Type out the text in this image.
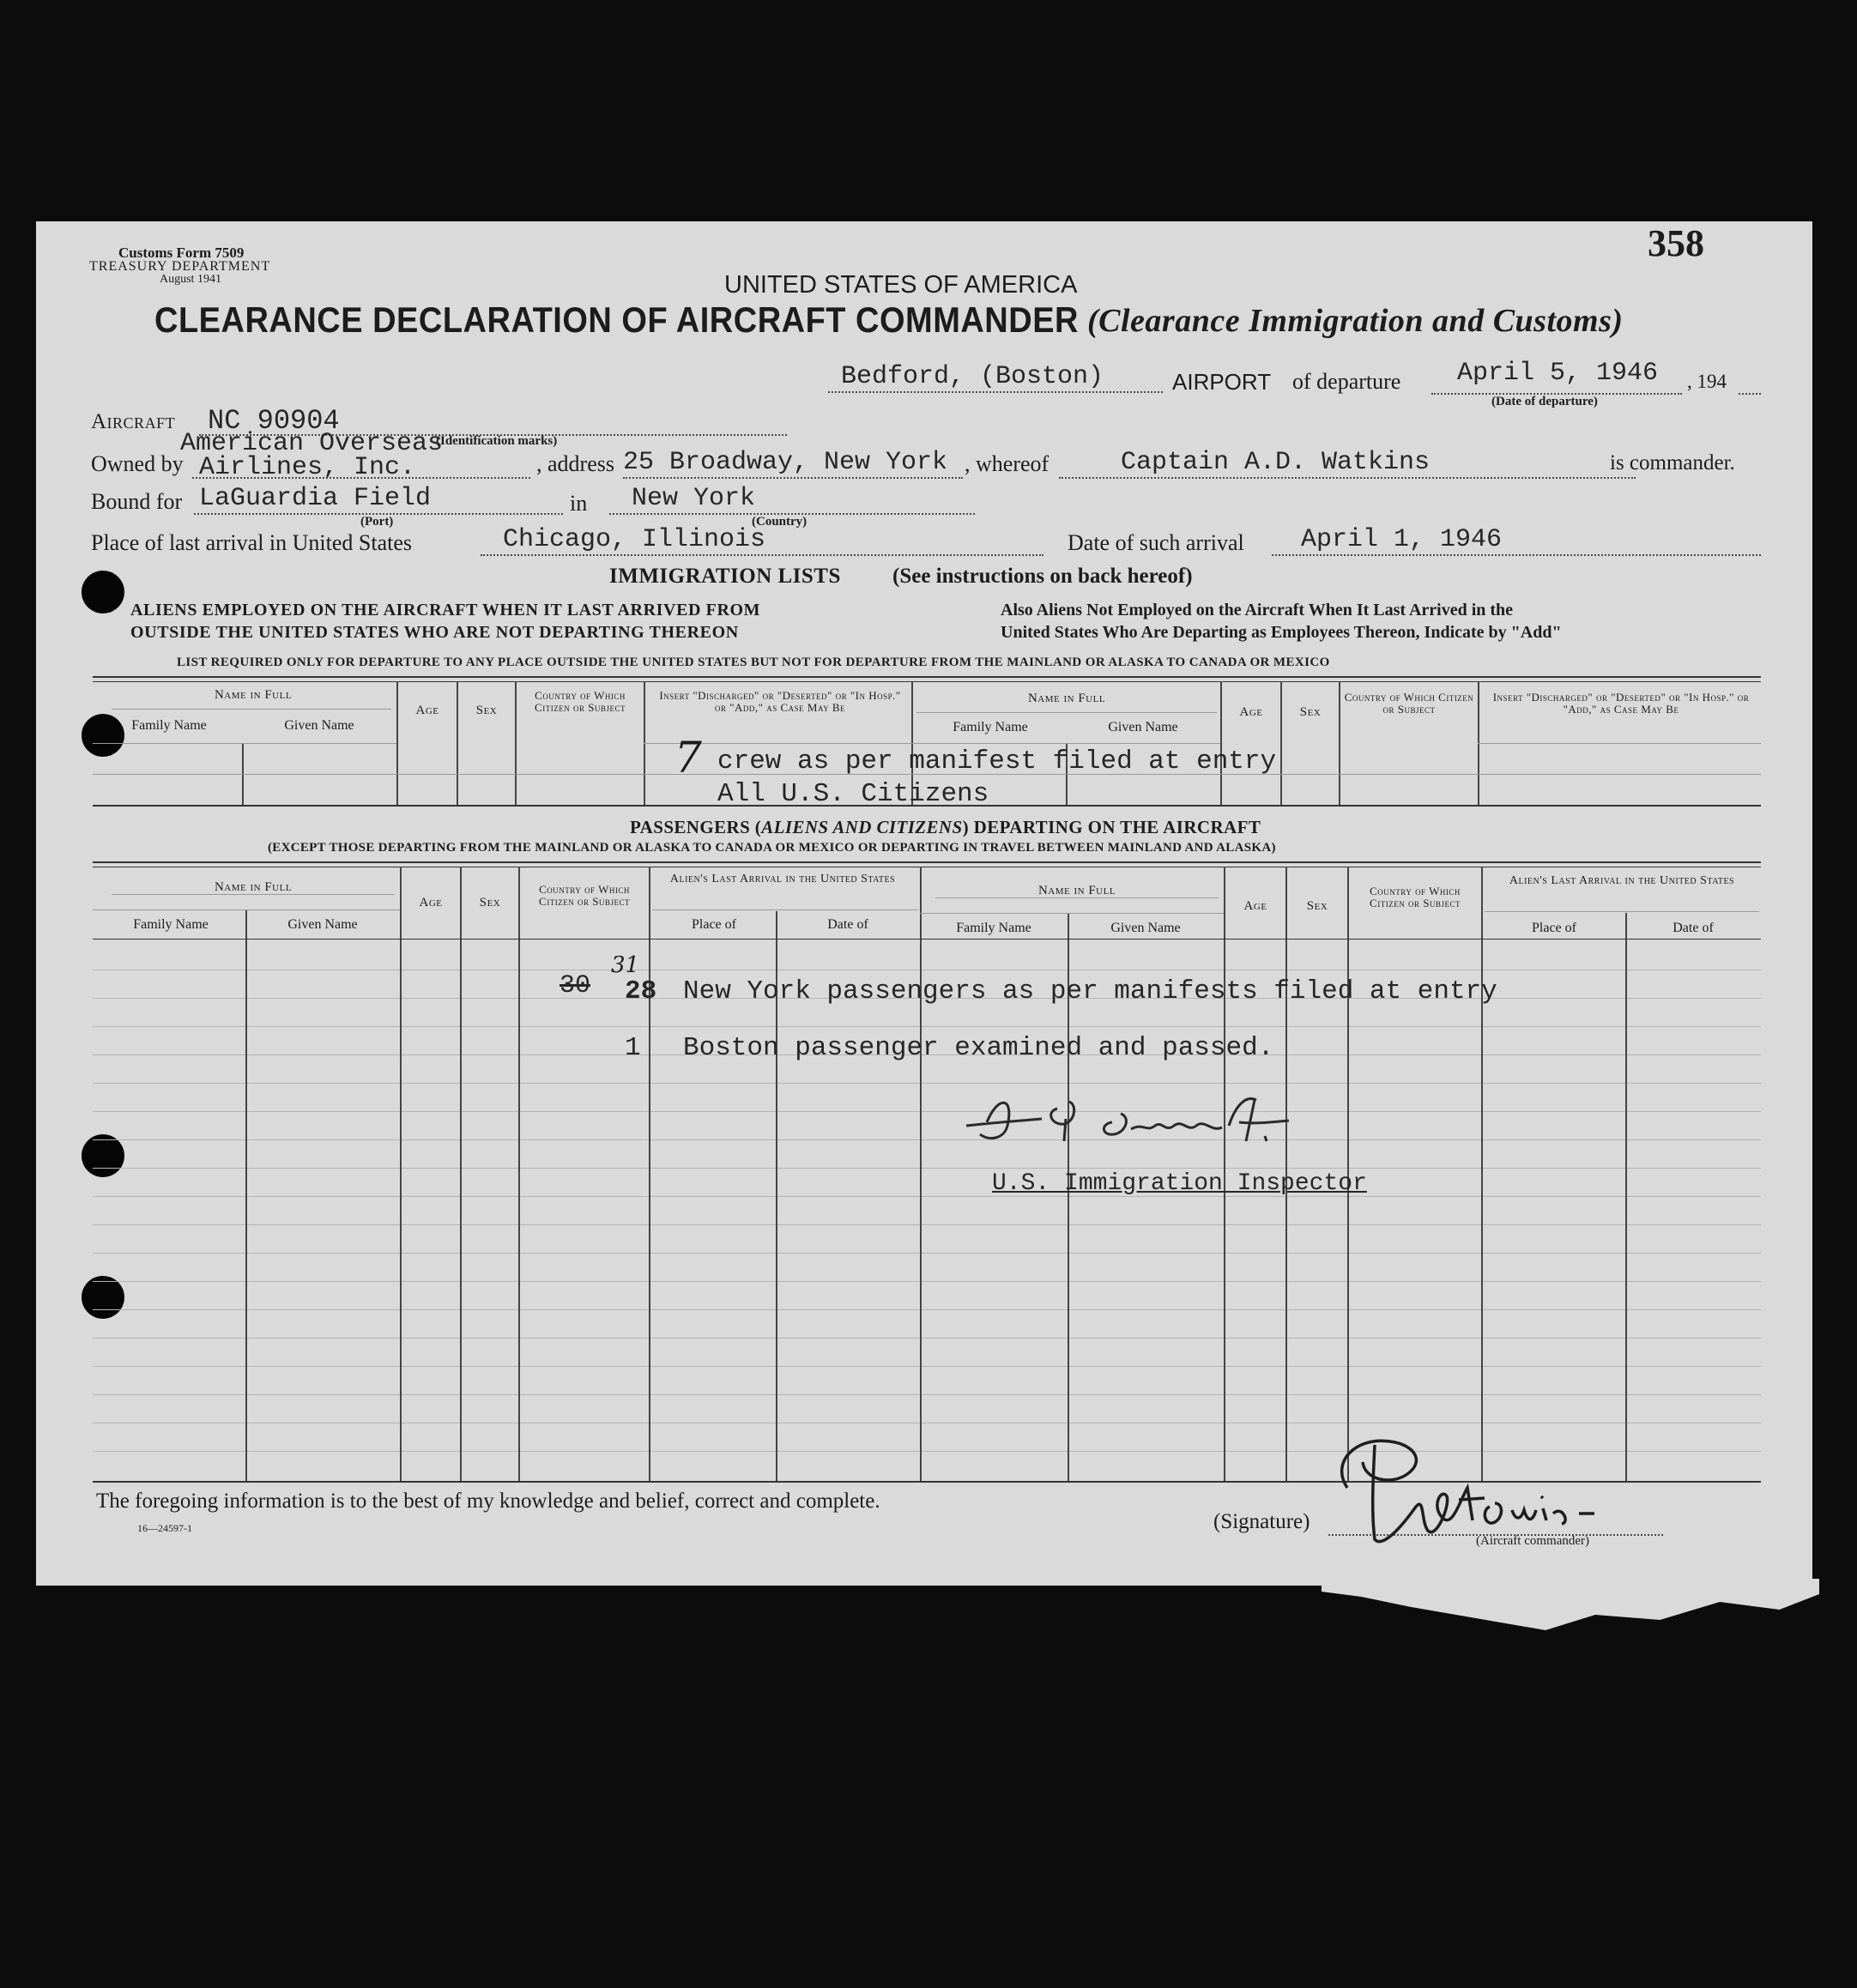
358
Customs Form 7509
TREASURY DEPARTMENT
August 1941	UNITED STATES OF AMERICA
CLEARANCE DECLARATION OF AIRCRAFT COMMANDER (Clearance Immigration and Customs)
Bedford, (Boston)	AIRPORT of departure April 5, 1946 , 194
(Date of departure)
Aircraft NC 90904
(Identification marks)
American Overseas
Owned by Airlines, Inc.	, address 25 Broadway, New York , whereof	Captain A.D. Watkins	is commander.
Bound for LaGuardia Field	in New York
(Port)	(Country)
Place of last arrival in United States	Chicago, Illinois	Date of such arrival April 1, 1946
IMMIGRATION LISTS (See instructions on back hereof)
ALIENS EMPLOYED ON THE AIRCRAFT WHEN IT LAST ARRIVED FROM
OUTSIDE THE UNITED STATES WHO ARE NOT DEPARTING THEREON
Also Aliens Not Employed on the Aircraft When It Last Arrived in the
United States Who Are Departing as Employees Thereon, Indicate by "Add"
LIST REQUIRED ONLY FOR DEPARTURE TO ANY PLACE OUTSIDE THE UNITED STATES BUT NOT FOR DEPARTURE FROM THE MAINLAND OR ALASKA TO CANADA OR MEXICO
Name in Full
Family Name	Given Name
Age	Sex
Country of Which Citizen or Subject
Insert "Discharged" or "Deserted" or "In Hosp." or "Add," as Case May Be
Name in Full
Family Name	Given Name
Age	Sex
Country of Which Citizen or Subject
Insert "Discharged" or "Deserted" or "In Hosp." or "Add," as Case May Be
7 crew as per manifest filed at entry
All U.S. Citizens
PASSENGERS (ALIENS AND CITIZENS) DEPARTING ON THE AIRCRAFT
(EXCEPT THOSE DEPARTING FROM THE MAINLAND OR ALASKA TO CANADA OR MEXICO OR DEPARTING IN TRAVEL BETWEEN MAINLAND AND ALASKA)
Name in Full
Family Name	Given Name
Age	Sex
Country of Which Citizen or Subject
Alien's Last Arrival in the United States
Place of	Date of
Name in Full
Family Name	Given Name
Age	Sex
Country of Which Citizen or Subject
Alien's Last Arrival in the United States
Place of	Date of
30
31
28 New York passengers as per manifests filed at entry
1 Boston passenger examined and passed.
U.S. Immigration Inspector
The foregoing information is to the best of my knowledge and belief, correct and complete.
16—24597-1	(Signature)
(Aircraft commander)
